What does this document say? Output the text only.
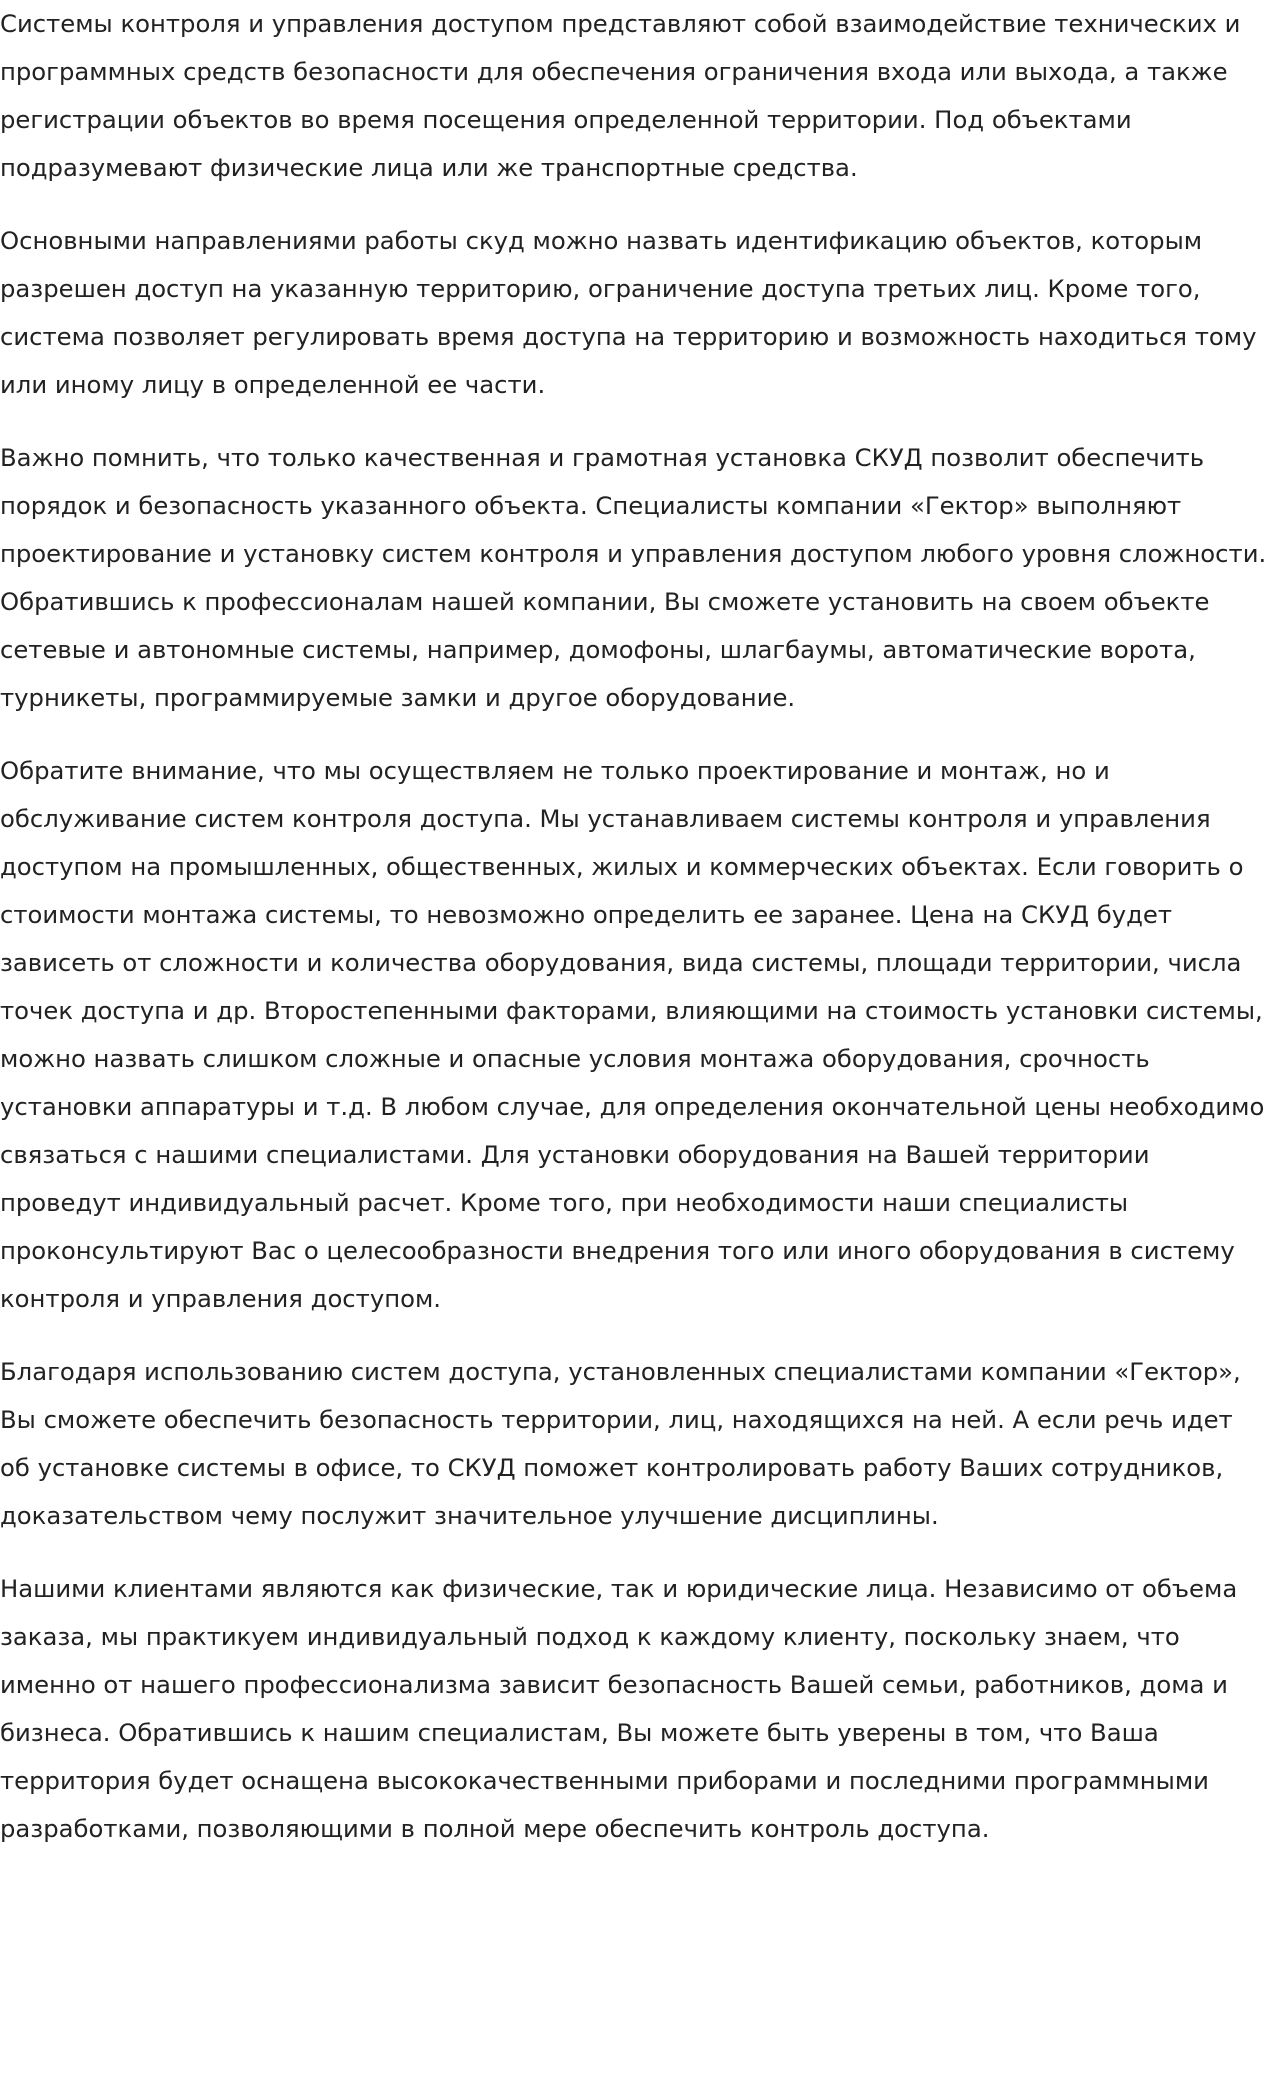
Системы контроля и управления доступом представляют собой взаимодействие технических и программных средств безопасности для обеспечения ограничения входа или выхода, а также регистрации объектов во время посещения определенной территории. Под объектами подразумевают физические лица или же транспортные средства.

Основными направлениями работы скуд можно назвать идентификацию объектов, которым разрешен доступ на указанную территорию, ограничение доступа третьих лиц. Кроме того, система позволяет регулировать время доступа на территорию и возможность находиться тому или иному лицу в определенной ее части.

Важно помнить, что только качественная и грамотная установка СКУД позволит обеспечить порядок и безопасность указанного объекта. Специалисты компании «Гектор» выполняют проектирование и установку систем контроля и управления доступом любого уровня сложности. Обратившись к профессионалам нашей компании, Вы сможете установить на своем объекте сетевые и автономные системы, например, домофоны, шлагбаумы, автоматические ворота, турникеты, программируемые замки и другое оборудование.

Обратите внимание, что мы осуществляем не только проектирование и монтаж, но и обслуживание систем контроля доступа. Мы устанавливаем системы контроля и управления доступом на промышленных, общественных, жилых и коммерческих объектах. Если говорить о стоимости монтажа системы, то невозможно определить ее заранее. Цена на СКУД будет зависеть от сложности и количества оборудования, вида системы, площади территории, числа точек доступа и др. Второстепенными факторами, влияющими на стоимость установки системы, можно назвать слишком сложные и опасные условия монтажа оборудования, срочность установки аппаратуры и т.д. В любом случае, для определения окончательной цены необходимо связаться с нашими специалистами. Для установки оборудования на Вашей территории проведут индивидуальный расчет. Кроме того, при необходимости наши специалисты проконсультируют Вас о целесообразности внедрения того или иного оборудования в систему контроля и управления доступом.

Благодаря использованию систем доступа, установленных специалистами компании «Гектор», Вы сможете обеспечить безопасность территории, лиц, находящихся на ней. А если речь идет об установке системы в офисе, то СКУД поможет контролировать работу Ваших сотрудников, доказательством чему послужит значительное улучшение дисциплины.

Нашими клиентами являются как физические, так и юридические лица. Независимо от объема заказа, мы практикуем индивидуальный подход к каждому клиенту, поскольку знаем, что именно от нашего профессионализма зависит безопасность Вашей семьи, работников, дома и бизнеса. Обратившись к нашим специалистам, Вы можете быть уверены в том, что Ваша территория будет оснащена высококачественными приборами и последними программными разработками, позволяющими в полной мере обеспечить контроль доступа.
